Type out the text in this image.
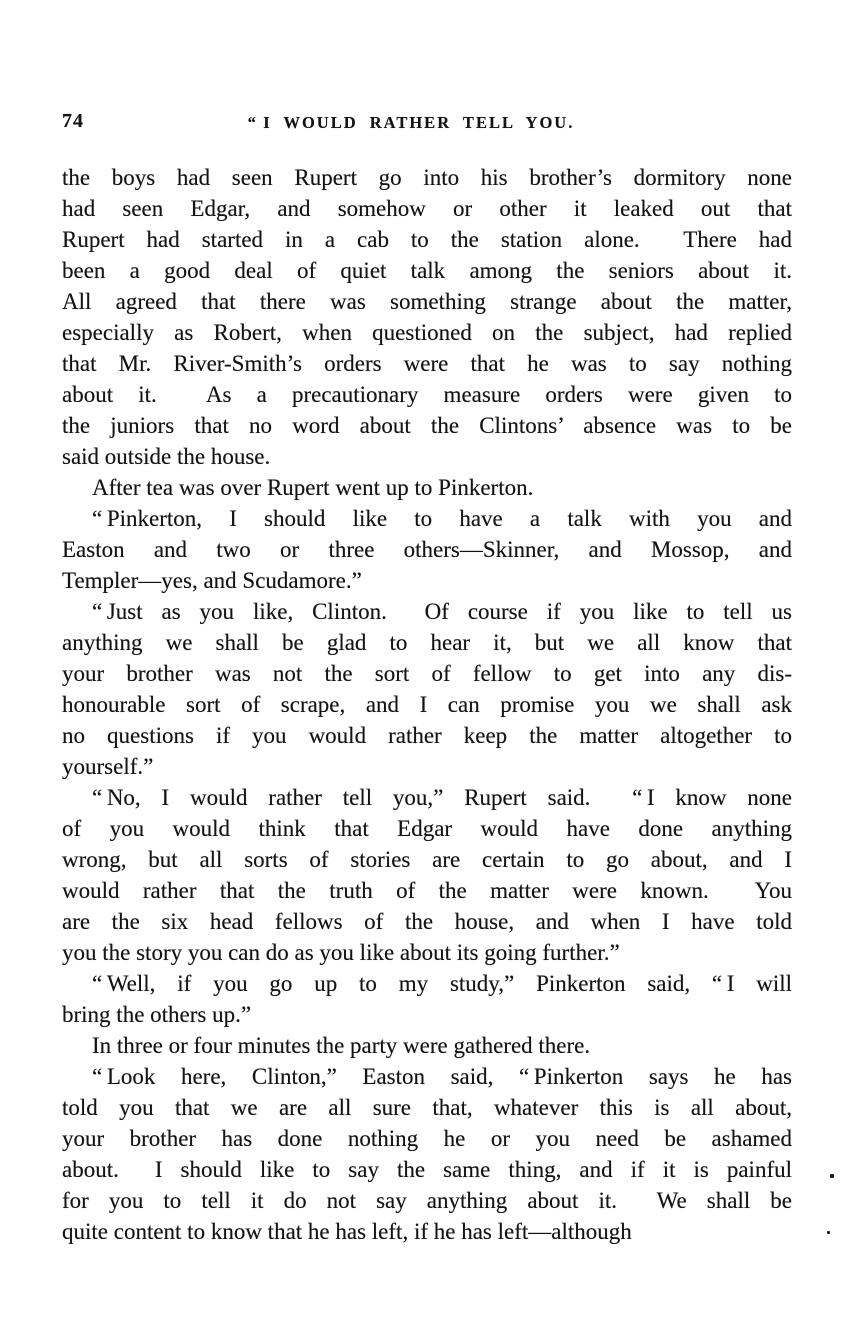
74	“ I WOULD RATHER TELL YOU.
the boys had seen Rupert go into his brother’s dormitory none
had seen Edgar, and somehow or other it leaked out that
Rupert had started in a cab to the station alone.  There had
been a good deal of quiet talk among the seniors about it.
All agreed that there was something strange about the matter,
especially as Robert, when questioned on the subject, had replied
that Mr. River-Smith’s orders were that he was to say nothing
about it.  As a precautionary measure orders were given to
the juniors that no word about the Clintons’ absence was to be
said outside the house.
After tea was over Rupert went up to Pinkerton.
“ Pinkerton, I should like to have a talk with you and
Easton and two or three others—Skinner, and Mossop, and
Templer—yes, and Scudamore.”
“ Just as you like, Clinton.  Of course if you like to tell us
anything we shall be glad to hear it, but we all know that
your brother was not the sort of fellow to get into any dis-
honourable sort of scrape, and I can promise you we shall ask
no questions if you would rather keep the matter altogether to
yourself.”
“ No, I would rather tell you,” Rupert said.  “ I know none
of you would think that Edgar would have done anything
wrong, but all sorts of stories are certain to go about, and I
would rather that the truth of the matter were known.  You
are the six head fellows of the house, and when I have told
you the story you can do as you like about its going further.”
“ Well, if you go up to my study,” Pinkerton said, “ I will
bring the others up.”
In three or four minutes the party were gathered there.
“ Look here, Clinton,” Easton said, “ Pinkerton says he has
told you that we are all sure that, whatever this is all about,
your brother has done nothing he or you need be ashamed
about.  I should like to say the same thing, and if it is painful
for you to tell it do not say anything about it.  We shall be
quite content to know that he has left, if he has left—although
